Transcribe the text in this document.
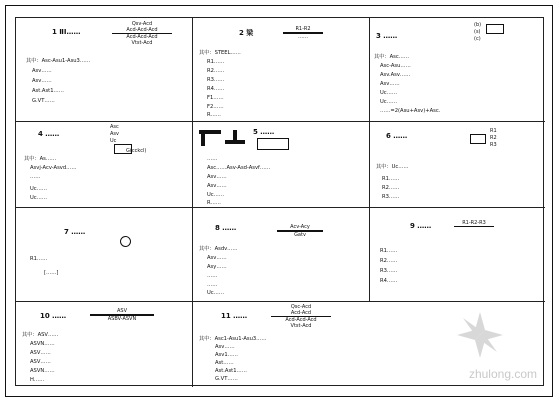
1 ⅡⅠ……
Qsv-Acd
Acd-Acd-Acd
Acd-Acd-Acd
Vtst-Acd
其中：Asc-Asu1-Asu3……
Asv……
Asv……
Ast.Ast1……
G.VT……
2 梁	R1-R2
……
其中：STEEL……
R1……
R2……
R3……
R4……
F1……
F2……
R……
3 ……
(b)
(s)
(c)
其中：Asc……
Asc-Asu……
Asv.Asv……
Asv……
Uc……
Uc……
……=2(Asu+Asv)+Asc.
4 ……
Asc
Asv
Uc
G(cckcl)
其中：As……
Asvj-Acv-Asvd……
……
Uc……
Uc……
5 ……
……
Asc……Asv-Asd-Asvf……
Asv……
Asv……
Uc……
R……
6 ……
R1
R2
R3
其中：Uc……
R1……
R2……
R3……
7 ……
R1……
[……]
8 ……	Acv-Acy
Gatv
其中：Asdv……
Asv……
Asy……
……
……
Uc……
9 ……	R1-R2-R3
R1……
R2……
R3……
R4……
10 ……
ASV
ASBV-ASVN
其中：ASV……
ASVN……
ASV……
ASV……
ASVN……
H……
11 ……
Qsc-Acd
Acd-Acd
Acd-Acd-Acd
Vtst-Acd
其中：Asc1-Asu1-Asu3……
Asv……
Asv1……
Ast……
Ast.Ast1……
G.VT……	zhulong.com
